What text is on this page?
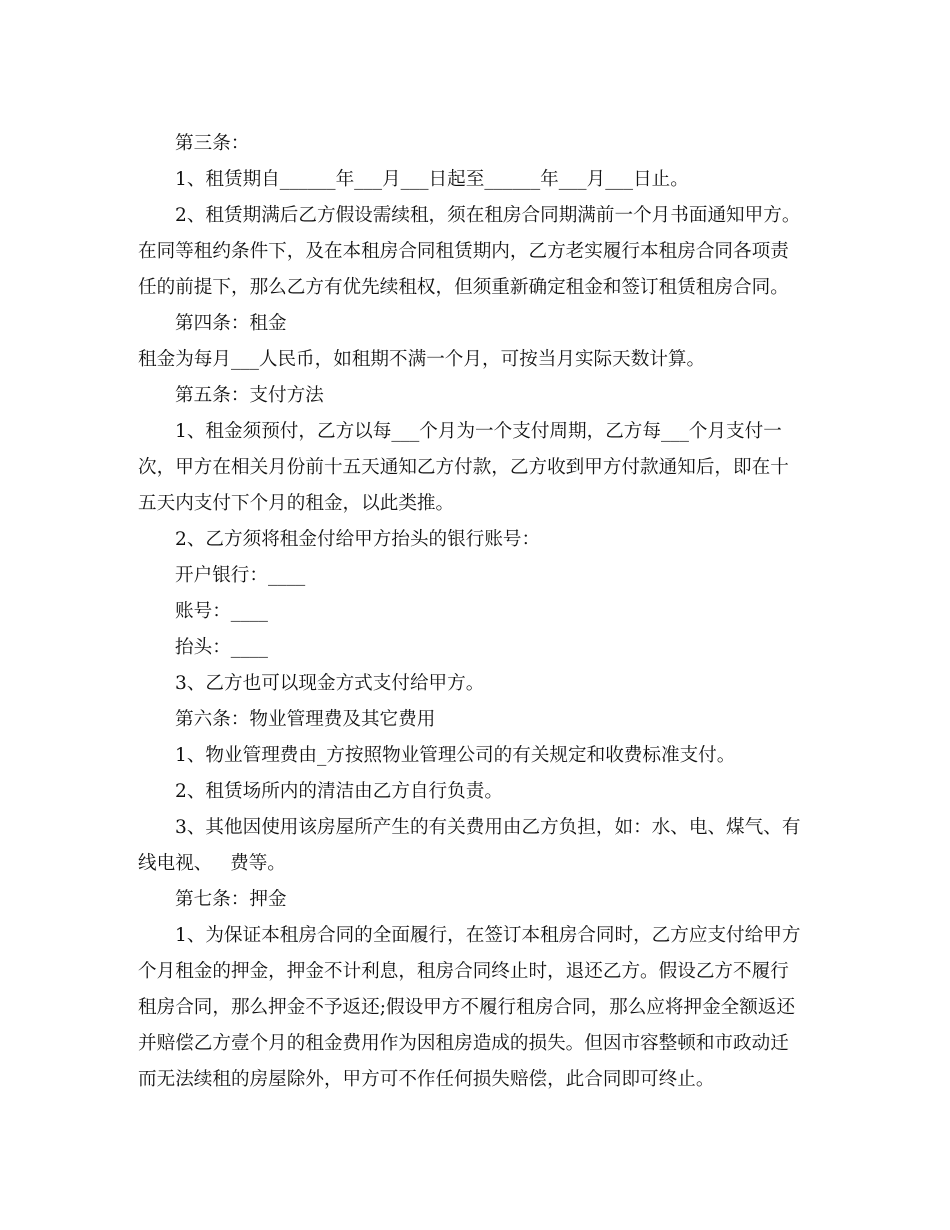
第三条：

1、租赁期自______年___月___日起至______年___月___日止。

2、租赁期满后乙方假设需续租，须在租房合同期满前一个月书面通知甲方。在同等租约条件下，及在本租房合同租赁期内，乙方老实履行本租房合同各项责任的前提下，那么乙方有优先续租权，但须重新确定租金和签订租赁租房合同。

第四条：租金

租金为每月___人民币，如租期不满一个月，可按当月实际天数计算。

第五条：支付方法

1、租金须预付，乙方以每___个月为一个支付周期，乙方每___个月支付一次，甲方在相关月份前十五天通知乙方付款，乙方收到甲方付款通知后，即在十五天内支付下个月的租金，以此类推。

2、乙方须将租金付给甲方抬头的银行账号：

开户银行：____

账号：____

抬头：____

3、乙方也可以现金方式支付给甲方。

第六条：物业管理费及其它费用

1、物业管理费由_方按照物业管理公司的有关规定和收费标准支付。

2、租赁场所内的清洁由乙方自行负责。

3、其他因使用该房屋所产生的有关费用由乙方负担，如：水、电、煤气、有线电视、   费等。

第七条：押金

1、为保证本租房合同的全面履行，在签订本租房合同时，乙方应支付给甲方个月租金的押金，押金不计利息，租房合同终止时，退还乙方。假设乙方不履行租房合同，那么押金不予返还;假设甲方不履行租房合同，那么应将押金全额返还并赔偿乙方壹个月的租金费用作为因租房造成的损失。但因市容整顿和市政动迁而无法续租的房屋除外，甲方可不作任何损失赔偿，此合同即可终止。
